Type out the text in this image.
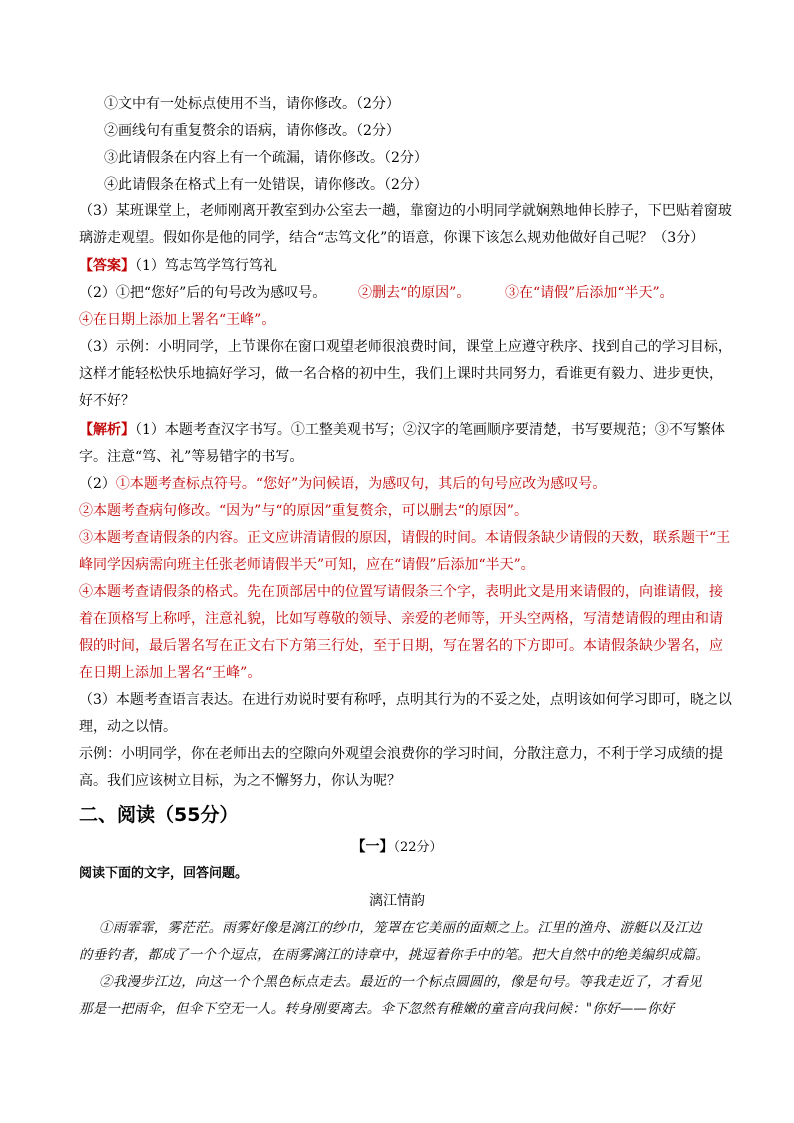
①文中有一处标点使用不当，请你修改。（2分）
②画线句有重复赘余的语病，请你修改。（2分）
③此请假条在内容上有一个疏漏，请你修改。（2分）
④此请假条在格式上有一处错误，请你修改。（2分）
（3）某班课堂上，老师刚离开教室到办公室去一趟，靠窗边的小明同学就娴熟地伸长脖子，下巴贴着窗玻
璃游走观望。假如你是他的同学，结合“志笃文化”的语意，你课下该怎么规劝他做好自己呢？（3分）
【答案】（1）笃志笃学笃行笃礼
（2）①把“您好”后的句号改为感叹号。 ②删去“的原因”。 ③在“请假”后添加“半天”。
④在日期上添加上署名“王峰”。
（3）示例：小明同学，上节课你在窗口观望老师很浪费时间，课堂上应遵守秩序、找到自己的学习目标，
这样才能轻松快乐地搞好学习，做一名合格的初中生，我们上课时共同努力，看谁更有毅力、进步更快，
好不好？
【解析】（1）本题考查汉字书写。①工整美观书写；②汉字的笔画顺序要清楚，书写要规范；③不写繁体
字。注意“笃、礼”等易错字的书写。
（2）①本题考查标点符号。“您好”为问候语，为感叹句，其后的句号应改为感叹号。
②本题考查病句修改。“因为”与“的原因”重复赘余，可以删去“的原因”。
③本题考查请假条的内容。正文应讲清请假的原因，请假的时间。本请假条缺少请假的天数，联系题干“王
峰同学因病需向班主任张老师请假半天”可知，应在“请假”后添加“半天”。
④本题考查请假条的格式。先在顶部居中的位置写请假条三个字，表明此文是用来请假的，向谁请假，接
着在顶格写上称呼，注意礼貌，比如写尊敬的领导、亲爱的老师等，开头空两格，写清楚请假的理由和请
假的时间，最后署名写在正文右下方第三行处，至于日期，写在署名的下方即可。本请假条缺少署名，应
在日期上添加上署名“王峰”。
（3）本题考查语言表达。在进行劝说时要有称呼，点明其行为的不妥之处，点明该如何学习即可，晓之以
理，动之以情。
示例：小明同学，你在老师出去的空隙向外观望会浪费你的学习时间，分散注意力，不利于学习成绩的提
高。我们应该树立目标，为之不懈努力，你认为呢？
二、阅读（55分）
【一】（22分）
阅读下面的文字，回答问题。
漓江情韵
①雨霏霏，雾茫茫。雨雾好像是漓江的纱巾，笼罩在它美丽的面颊之上。江里的渔舟、游艇以及江边
的垂钓者，都成了一个个逗点，在雨雾漓江的诗章中，挑逗着你手中的笔。把大自然中的绝美编织成篇。
②我漫步江边，向这一个个黑色标点走去。最近的一个标点圆圆的，像是句号。等我走近了，才看见
那是一把雨伞，但伞下空无一人。转身刚要离去。伞下忽然有稚嫩的童音向我问候："你好——你好
